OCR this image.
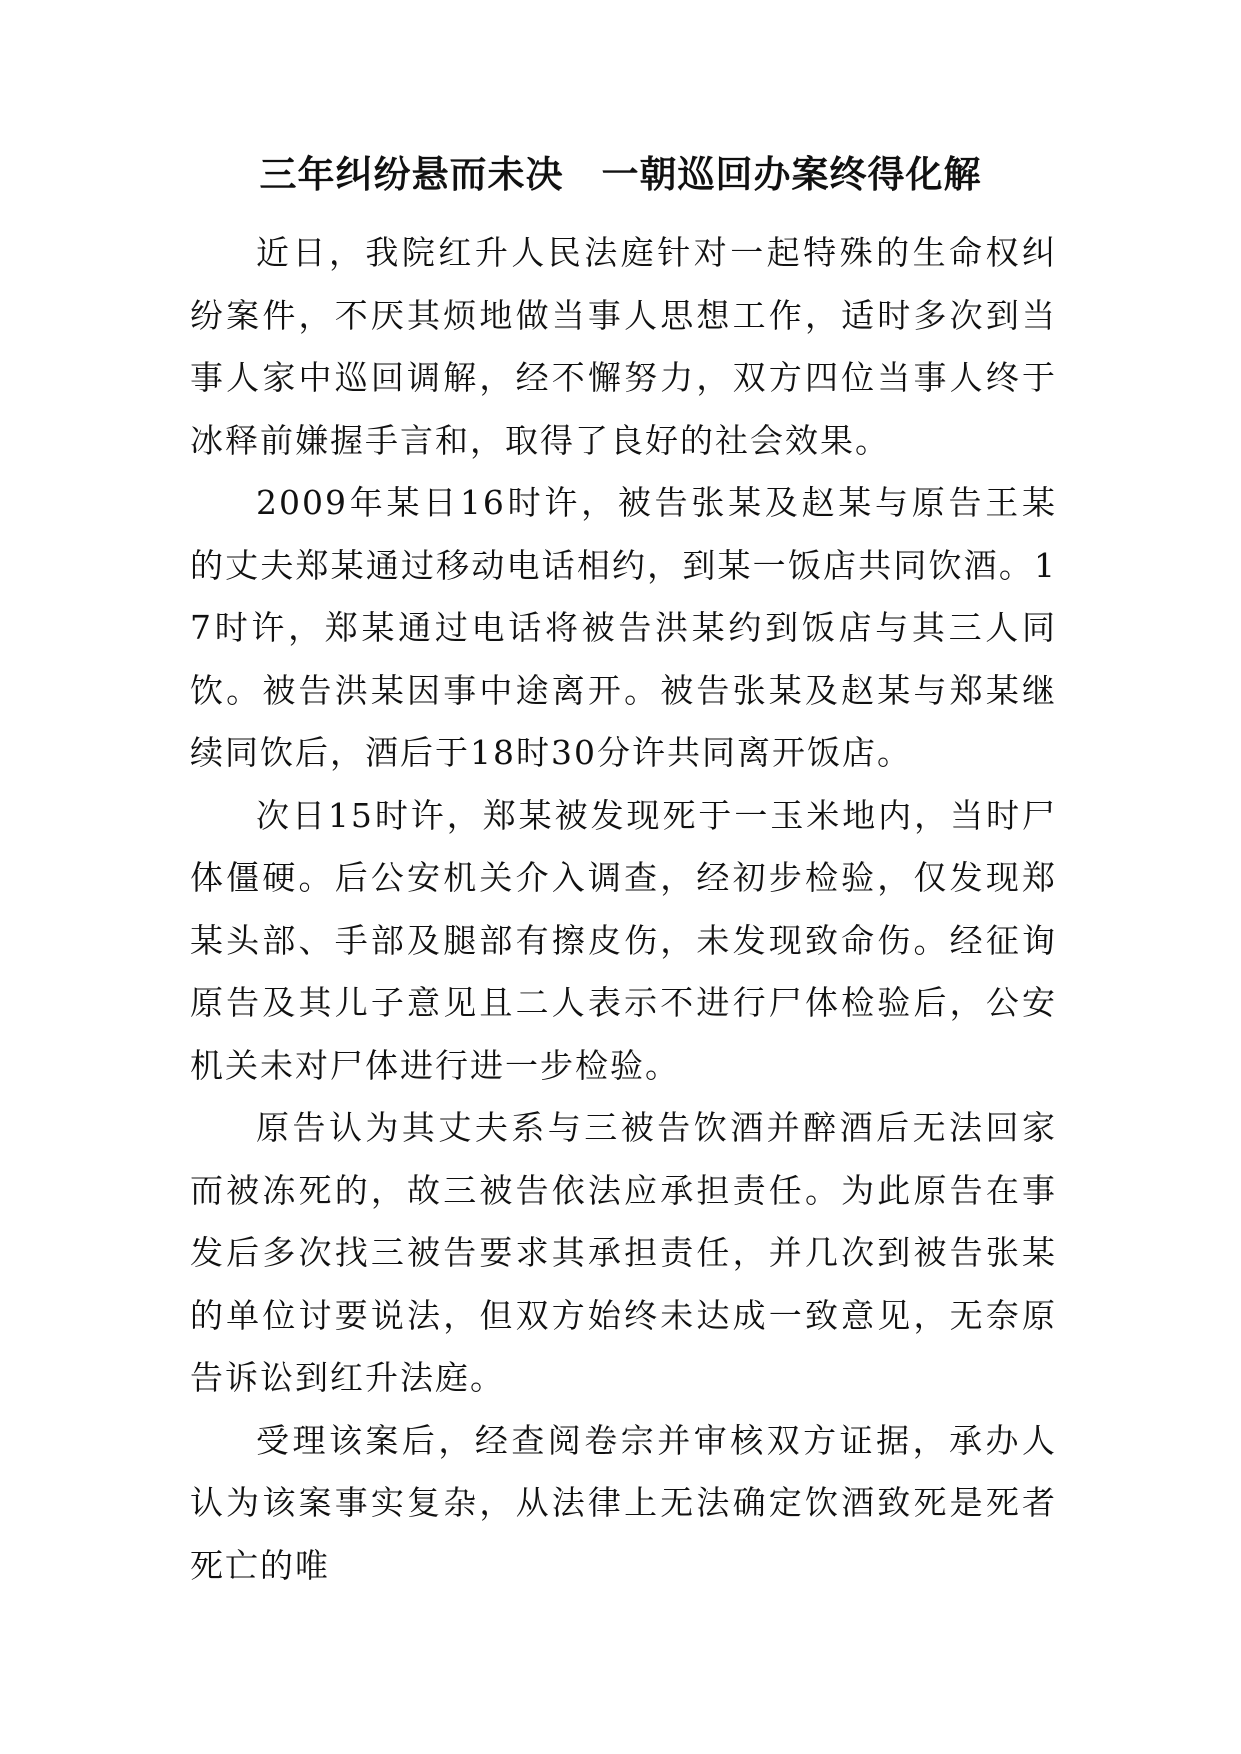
三年纠纷悬而未决　一朝巡回办案终得化解

近日，我院红升人民法庭针对一起特殊的生命权纠纷案件，不厌其烦地做当事人思想工作，适时多次到当事人家中巡回调解，经不懈努力，双方四位当事人终于冰释前嫌握手言和，取得了良好的社会效果。

2009年某日16时许，被告张某及赵某与原告王某的丈夫郑某通过移动电话相约，到某一饭店共同饮酒。17时许，郑某通过电话将被告洪某约到饭店与其三人同饮。被告洪某因事中途离开。被告张某及赵某与郑某继续同饮后，酒后于18时30分许共同离开饭店。

次日15时许，郑某被发现死于一玉米地内，当时尸体僵硬。后公安机关介入调查，经初步检验，仅发现郑某头部、手部及腿部有擦皮伤，未发现致命伤。经征询原告及其儿子意见且二人表示不进行尸体检验后，公安机关未对尸体进行进一步检验。

原告认为其丈夫系与三被告饮酒并醉酒后无法回家而被冻死的，故三被告依法应承担责任。为此原告在事发后多次找三被告要求其承担责任，并几次到被告张某的单位讨要说法，但双方始终未达成一致意见，无奈原告诉讼到红升法庭。

受理该案后，经查阅卷宗并审核双方证据，承办人认为该案事实复杂，从法律上无法确定饮酒致死是死者死亡的唯
